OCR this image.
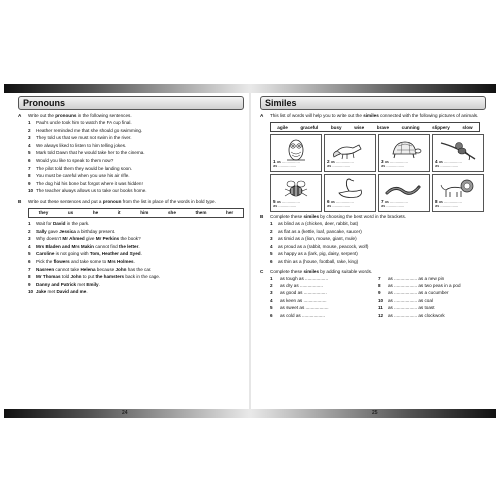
Pronouns
A	Write out the pronouns in the following sentences.
1	Paul's uncle took him to watch the FA cup final.
2	Heather reminded me that she should go swimming.
3	They told us that we must not swim in the river.
4	We always liked to listen to him telling jokes.
5	Mark told Dawn that he would take her to the cinema.
6	Would you like to speak to them now?
7	The pilot told them they would be landing soon.
8	You must be careful when you use his air rifle.
9	The dog hid his bone but forgot where it was hidden!
10 The teacher always allows us to take our books home.
B	Write out these sentences and put a pronoun from the list in place of the words in bold type.
they	us	he	it	him	she	them	her
1	Wait for David in the park.
2	Sally gave Jessica a birthday present.
3	Why doesn't Mr Ahmed give Mr Perkins the book?
4	Mrs Bladen and Mrs Makin cannot find the letter.
5	Caroline is not going with Tom, Heather and Syed.
6	Pick the flowers and take some to Mrs Holmes.
7	Nasreen cannot take Helena because John has the car.
8	Mr Thomas told John to put the hamsters back in the cage.
9	Danny and Patrick met Emily.
10 Jake met David and me.
Similes
A	This list of words will help you to write out the similes connected with the following pictures of animals.
agile	graceful	busy	wise	brave	cunning	slippery	slow
1 as ................
as ................
2 as ................
as ................
3 as ................
as ................
4 as ................
as ................
5 as ................
as ................
6 as ................
as ................
7 as ................
as ................
8 as ................
as ................
B	Complete these similes by choosing the best word in the brackets.
1	as blind as a (chicken, deer, rabbit, bat)
2	as flat as a (kettle, loaf, pancake, saucer)
3	as timid as a (lion, mouse, giant, mule)
4	as proud as a (rabbit, mouse, peacock, wolf)
5	as happy as a (lark, pig, daisy, serpent)
6	as thin as a (house, football, rake, king)
C	Complete these similes by adding suitable words.
1	as tough as ..................	7	as .................. as a new pin
2	as dry as ..................	8	as .................. as two peas in a pod
3	as good as ..................	9	as .................. as a cucumber
4	as keen as ..................	10	as .................. as coal
5	as sweet as ..................	11	as .................. as toast
6	as cold as ..................	12	as .................. as clockwork
24	25
